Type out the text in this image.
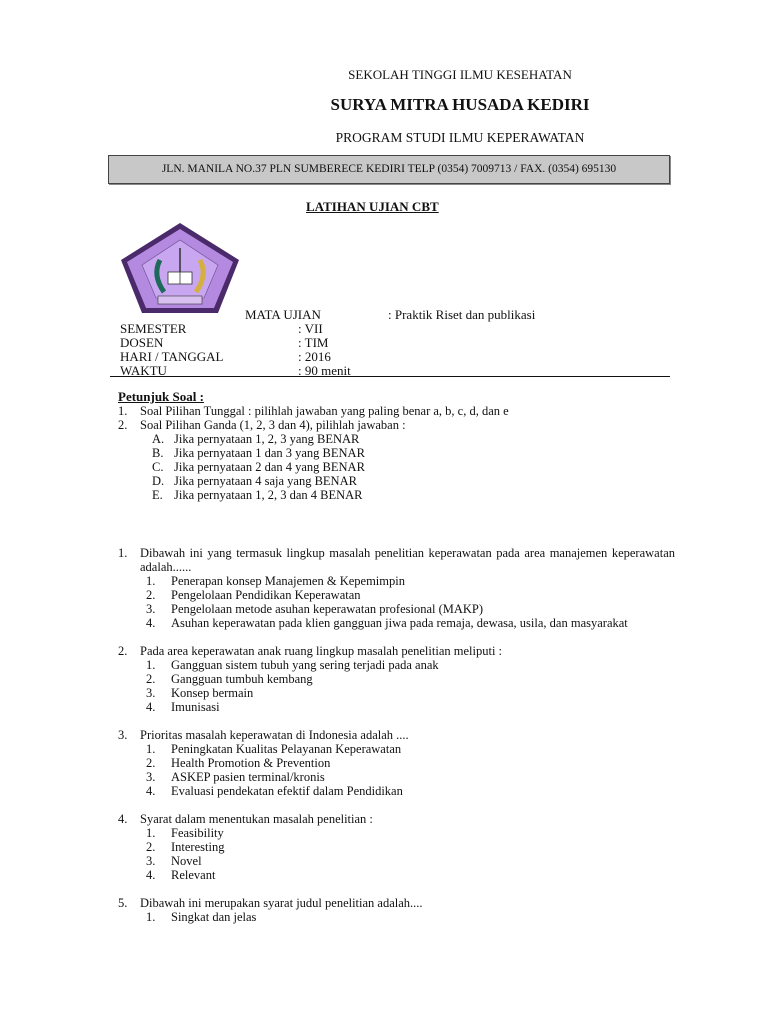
SEKOLAH TINGGI ILMU KESEHATAN
SURYA MITRA HUSADA KEDIRI
PROGRAM STUDI ILMU KEPERAWATAN
JLN. MANILA NO.37 PLN SUMBERECE KEDIRI TELP (0354) 7009713 / FAX. (0354) 695130
LATIHAN UJIAN CBT
MATA UJIAN	: Praktik Riset dan publikasi
SEMESTER	: VII
DOSEN	: TIM
HARI / TANGGAL	: 2016
WAKTU	: 90 menit
Petunjuk Soal :
1.	Soal Pilihan Tunggal : pilihlah jawaban yang paling benar a, b, c, d, dan e
2.	Soal Pilihan Ganda (1, 2, 3 dan 4), pilihlah jawaban :
A. Jika pernyataan 1, 2, 3 yang BENAR
B. Jika pernyataan 1 dan 3 yang BENAR
C. Jika pernyataan 2 dan 4 yang BENAR
D. Jika pernyataan 4 saja yang BENAR
E. Jika pernyataan 1, 2, 3 dan 4 BENAR
1.	Dibawah ini yang termasuk lingkup masalah penelitian keperawatan pada area manajemen keperawatan adalah......
1.	Penerapan konsep Manajemen & Kepemimpin
2.	Pengelolaan Pendidikan Keperawatan
3.	Pengelolaan metode asuhan keperawatan profesional (MAKP)
4.	Asuhan keperawatan pada klien gangguan jiwa pada remaja, dewasa, usila, dan masyarakat
2.	Pada area keperawatan anak ruang lingkup masalah penelitian meliputi :
1.	Gangguan sistem tubuh yang sering terjadi pada anak
2.	Gangguan tumbuh kembang
3.	Konsep bermain
4.	Imunisasi
3.	Prioritas masalah keperawatan di Indonesia adalah ....
1.	Peningkatan Kualitas Pelayanan Keperawatan
2.	Health Promotion & Prevention
3.	ASKEP pasien terminal/kronis
4.	Evaluasi pendekatan efektif dalam Pendidikan
4.	Syarat dalam menentukan masalah penelitian :
1.	Feasibility
2.	Interesting
3.	Novel
4.	Relevant
5.	Dibawah ini merupakan syarat judul penelitian adalah....
1.	Singkat dan jelas
